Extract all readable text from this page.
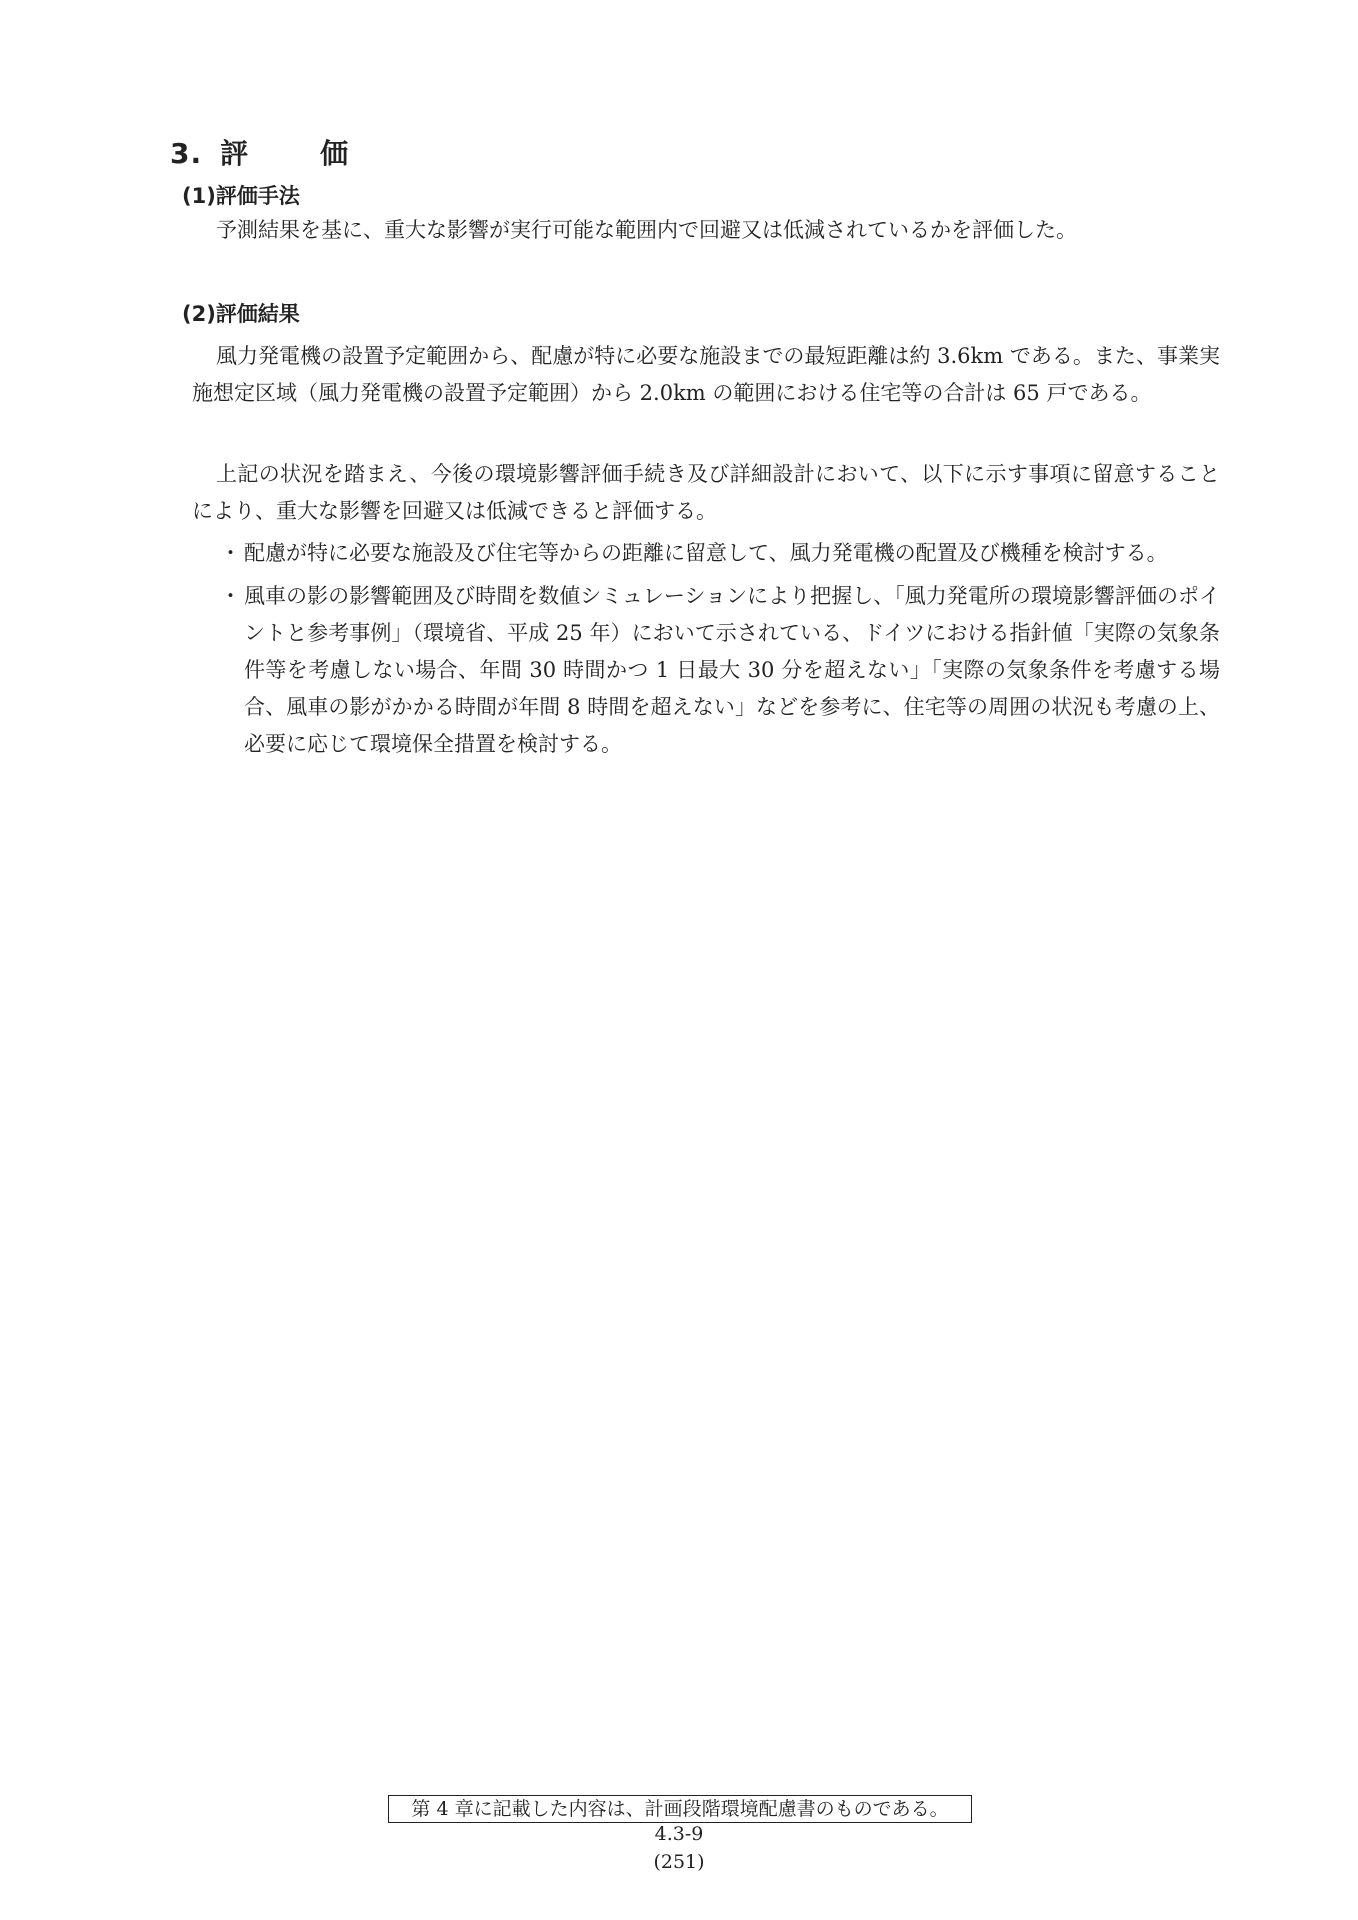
3. 評　価
(1)評価手法

予測結果を基に、重大な影響が実行可能な範囲内で回避又は低減されているかを評価した。

(2)評価結果

風力発電機の設置予定範囲から、配慮が特に必要な施設までの最短距離は約 3.6km である。また、事業実施想定区域（風力発電機の設置予定範囲）から 2.0km の範囲における住宅等の合計は 65 戸である。

上記の状況を踏まえ、今後の環境影響評価手続き及び詳細設計において、以下に示す事項に留意することにより、重大な影響を回避又は低減できると評価する。

・ 配慮が特に必要な施設及び住宅等からの距離に留意して、風力発電機の配置及び機種を検討する。
・ 風車の影の影響範囲及び時間を数値シミュレーションにより把握し、「風力発電所の環境影響評価のポイントと参考事例」（環境省、平成 25 年）において示されている、ドイツにおける指針値「実際の気象条件等を考慮しない場合、年間 30 時間かつ 1 日最大 30 分を超えない」「実際の気象条件を考慮する場合、風車の影がかかる時間が年間 8 時間を超えない」などを参考に、住宅等の周囲の状況も考慮の上、必要に応じて環境保全措置を検討する。
第 4 章に記載した内容は、計画段階環境配慮書のものである。
4.3-9
(251)
